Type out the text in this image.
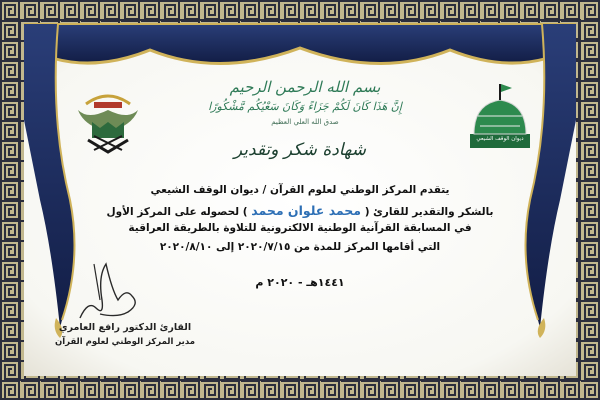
بسم الله الرحمن الرحيم
إِنَّ هَذَا كَانَ لَكُمْ جَزَاءً وَكَانَ سَعْيُكُم مَّشْكُورًا
صدق الله العلي العظيم
شهادة شكر وتقدير
ديوان الوقف الشيعي
يتقدم المركز الوطني لعلوم القرآن / ديوان الوقف الشيعي
بالشكر والتقدير للقارئ ( محمد علوان محمد ) لحصوله على المركز الأول
في المسابقة القرآنية الوطنية الالكترونية للتلاوة بالطريقة العراقية
التي أقامها المركز للمدة من ٢٠٢٠/٧/١٥ إلى ٢٠٢٠/٨/١٠
١٤٤١هـ - ٢٠٢٠ م
القارئ الدكتور رافع العامري
مدير المركز الوطني لعلوم القرآن
